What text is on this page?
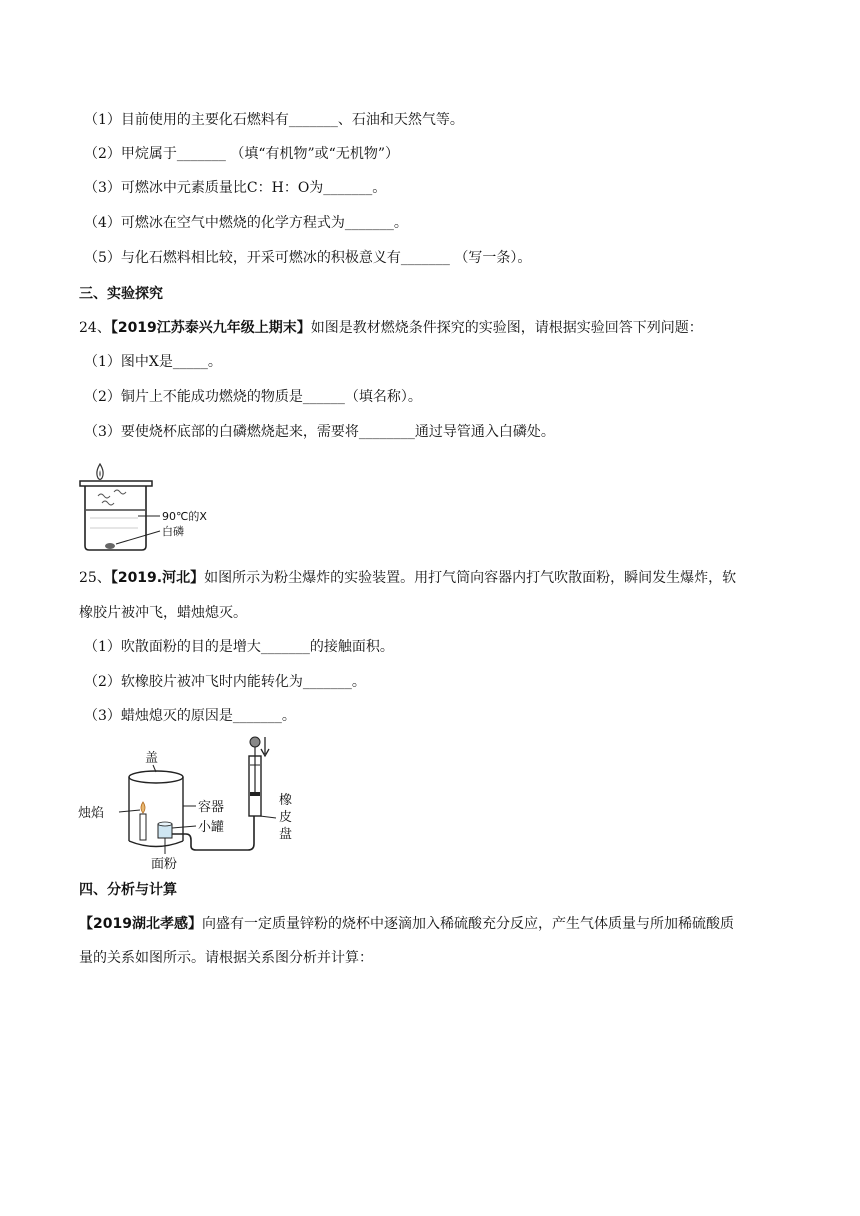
（1）目前使用的主要化石燃料有_______、石油和天然气等。
（2）甲烷属于_______ （填“有机物”或“无机物”）
（3）可燃冰中元素质量比C：H：O为_______。
（4）可燃冰在空气中燃烧的化学方程式为_______。
（5）与化石燃料相比较，开采可燃冰的积极意义有_______ （写一条）。
三、实验探究
24、【2019江苏泰兴九年级上期末】如图是教材燃烧条件探究的实验图，请根据实验回答下列问题：
（1）图中X是_____。
（2）铜片上不能成功燃烧的物质是______（填名称）。
（3）要使烧杯底部的白磷燃烧起来，需要将________通过导管通入白磷处。
90℃的X
白磷
25、【2019.河北】如图所示为粉尘爆炸的实验装置。用打气筒向容器内打气吹散面粉，瞬间发生爆炸，软
橡胶片被冲飞，蜡烛熄灭。
（1）吹散面粉的目的是增大_______的接触面积。
（2）软橡胶片被冲飞时内能转化为_______。
（3）蜡烛熄灭的原因是_______。
盖
烛焰
面粉
容器
小罐
橡
皮
盘
四、分析与计算
【2019湖北孝感】向盛有一定质量锌粉的烧杯中逐滴加入稀硫酸充分反应，产生气体质量与所加稀硫酸质
量的关系如图所示。请根据关系图分析并计算：
